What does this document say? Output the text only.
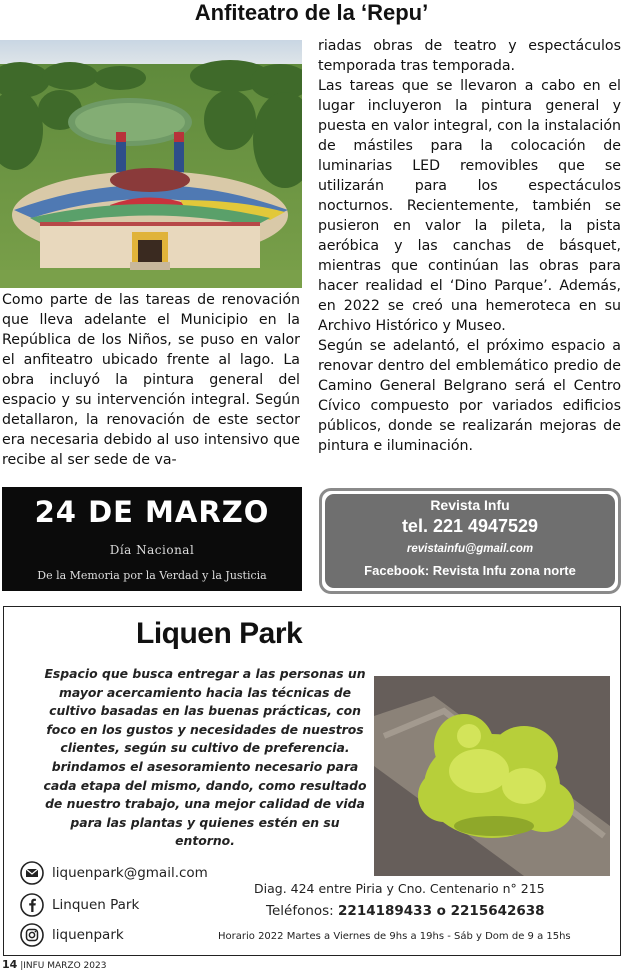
Anfiteatro de la ‘Repu’

Como parte de las tareas de renovación que lleva adelante el Municipio en la República de los Niños, se puso en valor el anfiteatro ubicado frente al lago. La obra incluyó la pintura general del espacio y su intervención integral. Según detallaron, la renovación de este sector era necesaria debido al uso intensivo que recibe al ser sede de va-

riadas obras de teatro y espectáculos temporada tras temporada.

Las tareas que se llevaron a cabo en el lugar incluyeron la pintura general y puesta en valor integral, con la instalación de mástiles para la colocación de luminarias LED removibles que se utilizarán para los espectáculos nocturnos. Recientemente, también se pusieron en valor la pileta, la pista aeróbica y las canchas de básquet, mientras que continúan las obras para hacer realidad el ‘Dino Parque’. Además, en 2022 se creó una hemeroteca en su Archivo Histórico y Museo.

Según se adelantó, el próximo espacio a renovar dentro del emblemático predio de Camino General Belgrano será el Centro Cívico compuesto por variados edificios públicos, donde se realizarán mejoras de pintura e iluminación.

24 DE MARZO
Día Nacional
De la Memoria por la Verdad y la Justicia
Revista Infu
tel. 221 4947529
revistainfu@gmail.com
Facebook: Revista Infu zona norte
Liquen Park
Espacio que busca entregar a las personas un mayor acercamiento hacia las técnicas de cultivo basadas en las buenas prácticas, con foco en los gustos y necesidades de nuestros clientes, según su cultivo de preferencia. brindamos el asesoramiento necesario para cada etapa del mismo, dando, como resultado de nuestro trabajo, una mejor calidad de vida para las plantas y quienes estén en su entorno.
liquenpark@gmail.com
Linquen Park
liquenpark
Diag. 424 entre Piria y Cno. Centenario n° 215
Teléfonos: 2214189433 o 2215642638
Horario 2022 Martes a Viernes de 9hs a 19hs - Sáb y Dom de 9 a 15hs
14 |INFU MARZO 2023
